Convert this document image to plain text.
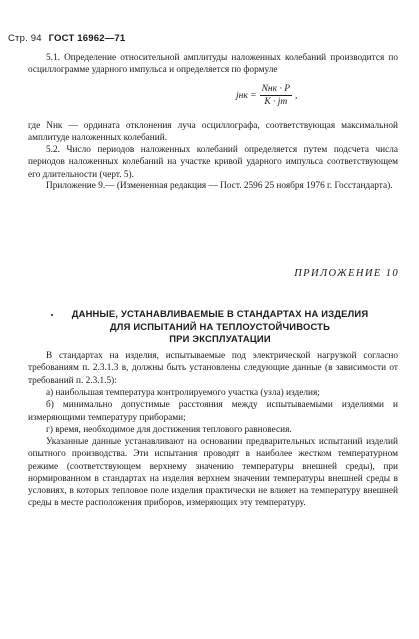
Стр. 94 ГОСТ 16962—71
5.1. Определение относительной амплитуды наложенных колебаний производится по осциллограмме ударного импульса и определяется по формуле
jнк = $\frac{\text{Nнк · P}}{K \cdot jm}$ ,
где Nнк — ордината отклонения луча осциллографа, соответствующая максимальной амплитуде наложенных колебаний.
5.2. Число периодов наложенных колебаний определяется путем подсчета числа периодов наложенных колебаний на участке кривой ударного импульса соответствующем его длительности (черт. 5).
Приложение 9.— (Измененная редакция — Пост. 2596 25 ноября 1976 г. Госстандарта).
ПРИЛОЖЕНИЕ 10
ДАННЫЕ, УСТАНАВЛИВАЕМЫЕ В СТАНДАРТАХ НА ИЗДЕЛИЯ
ДЛЯ ИСПЫТАНИЙ НА ТЕПЛОУСТОЙЧИВОСТЬ
ПРИ ЭКСПЛУАТАЦИИ
В стандартах на изделия, испытываемые под электрической нагрузкой согласно требованиям п. 2.3.1.3 в, должны быть установлены следующие данные (в зависимости от требований п. 2.3.1.5):
а) наибольшая температура контролируемого участка (узла) изделия;
б) минимально допустимые расстояния между испытываемыми изделиями и измеряющими температуру приборами;
г) время, необходимое для достижения теплового равновесия.
Указанные данные устанавливают на основании предварительных испытаний изделий опытного производства. Эти испытания проводят в наиболее жестком температурном режиме (соответствующем верхнему значению температуры внешней среды), при нормированном в стандартах на изделия верхнем значении температуры внешней среды в условиях, в которых тепловое поле изделия практически не влияет на температуру внешней среды в месте расположения приборов, измеряющих эту температуру.
